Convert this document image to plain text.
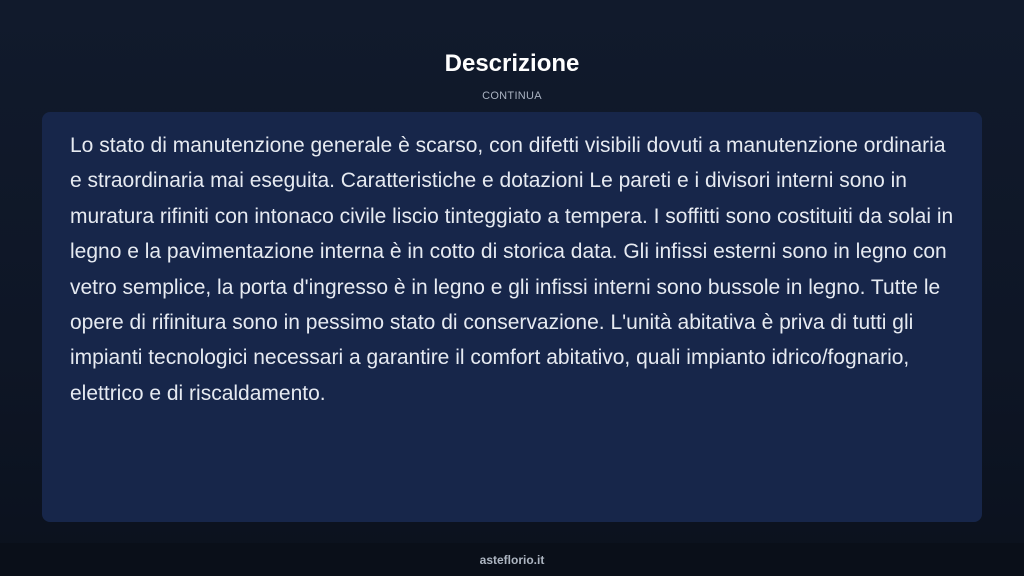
Descrizione
CONTINUA

Lo stato di manutenzione generale è scarso, con difetti visibili dovuti a manutenzione ordinaria e straordinaria mai eseguita. Caratteristiche e dotazioni Le pareti e i divisori interni sono in muratura rifiniti con intonaco civile liscio tinteggiato a tempera. I soffitti sono costituiti da solai in legno e la pavimentazione interna è in cotto di storica data. Gli infissi esterni sono in legno con vetro semplice, la porta d'ingresso è in legno e gli infissi interni sono bussole in legno. Tutte le opere di rifinitura sono in pessimo stato di conservazione. L'unità abitativa è priva di tutti gli impianti tecnologici necessari a garantire il comfort abitativo, quali impianto idrico/fognario, elettrico e di riscaldamento.

asteflorio.it
